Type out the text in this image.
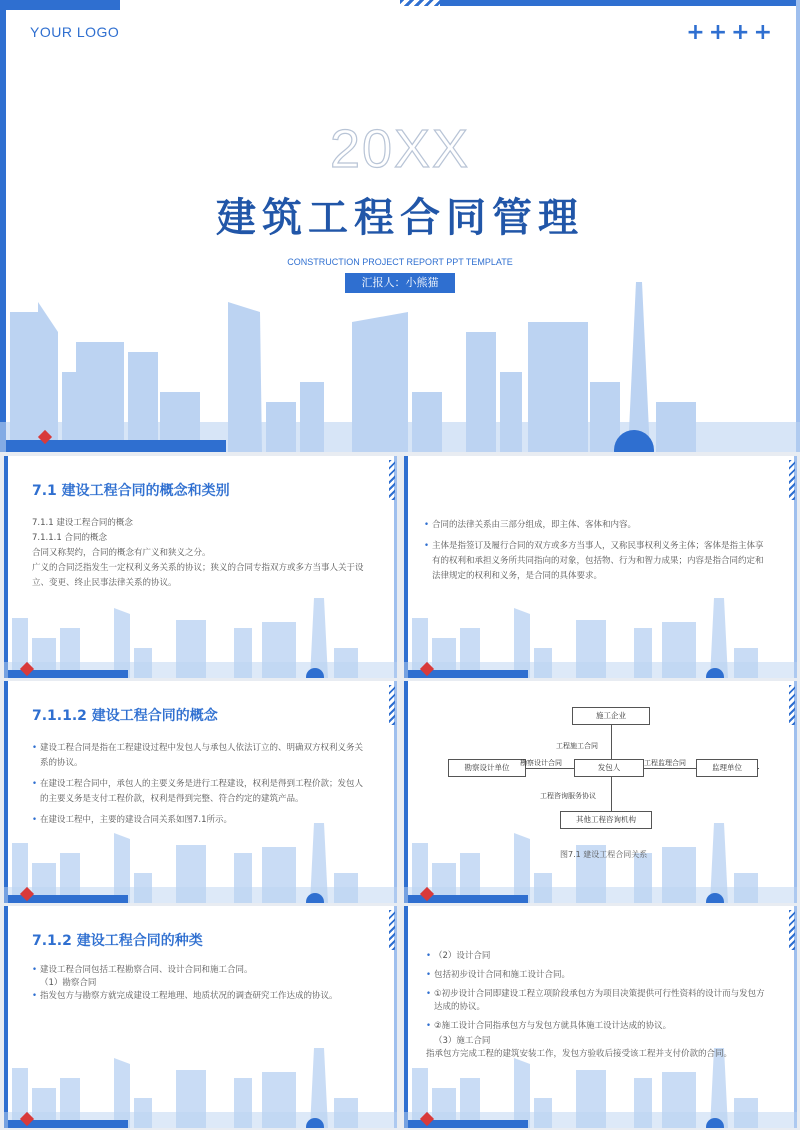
YOUR LOGO	+ + + +
20XX
建筑工程合同管理
CONSTRUCTION PROJECT REPORT PPT TEMPLATE
汇报人：小熊猫
7.1 建设工程合同的概念和类别

7.1.1 建设工程合同的概念

7.1.1.1 合同的概念

合同又称契约，合同的概念有广义和狭义之分。

广义的合同泛指发生一定权利义务关系的协议；狭义的合同专指双方或多方当事人关于设立、变更、终止民事法律关系的协议。

• 合同的法律关系由三部分组成，即主体、客体和内容。
• 主体是指签订及履行合同的双方或多方当事人，又称民事权利义务主体；客体是指主体享有的权利和承担义务所共同指向的对象，包括物、行为和智力成果；内容是指合同约定和法律规定的权利和义务，是合同的具体要求。
7.1.1.2 建设工程合同的概念
• 建设工程合同是指在工程建设过程中发包人与承包人依法订立的、明确双方权利义务关系的协议。
• 在建设工程合同中，承包人的主要义务是进行工程建设，权利是得到工程价款；发包人的主要义务是支付工程价款，权利是得到完整、符合约定的建筑产品。
• 在建设工程中，主要的建设合同关系如图7.1所示。
施工企业
勘察设计单位	发包人	监理单位
其他工程咨询机构
工程施工合同
勘察设计合同	工程监理合同
工程咨询服务协议
图7.1 建设工程合同关系
7.1.2 建设工程合同的种类

• 建设工程合同包括工程勘察合同、设计合同和施工合同。

（1）勘察合同

• 指发包方与勘察方就完成建设工程地理、地质状况的调查研究工作达成的协议。

• （2）设计合同

• 包括初步设计合同和施工设计合同。

• ①初步设计合同即建设工程立项阶段承包方为项目决策提供可行性资料的设计而与发包方达成的协议。

• ②施工设计合同指承包方与发包方就具体施工设计达成的协议。

（3）施工合同

指承包方完成工程的建筑安装工作，发包方验收后接受该工程并支付价款的合同。
